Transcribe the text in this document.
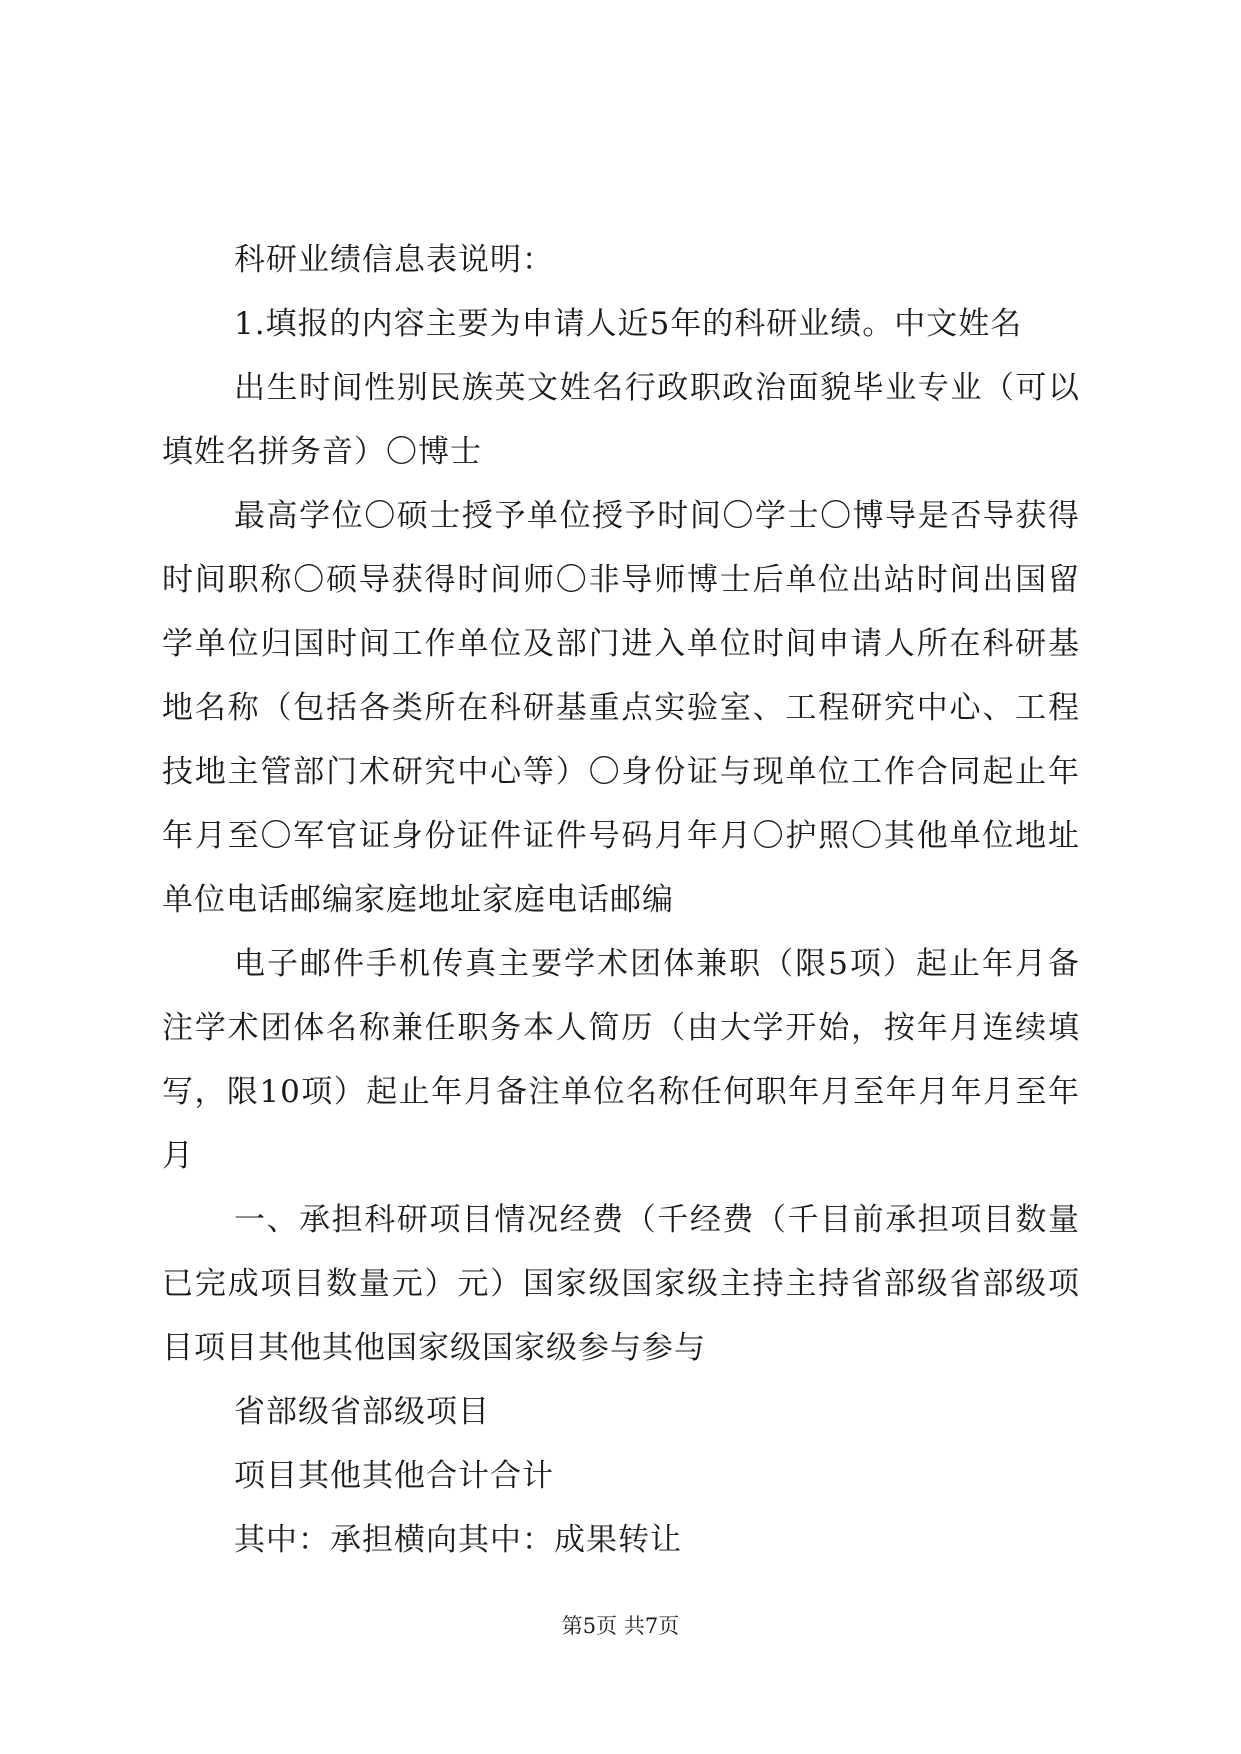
科研业绩信息表说明：

1.填报的内容主要为申请人近5年的科研业绩。中文姓名

出生时间性别民族英文姓名行政职政治面貌毕业专业（可以填姓名拼务音）〇博士

最高学位〇硕士授予单位授予时间〇学士〇博导是否导获得时间职称〇硕导获得时间师〇非导师博士后单位出站时间出国留学单位归国时间工作单位及部门进入单位时间申请人所在科研基地名称（包括各类所在科研基重点实验室、工程研究中心、工程技地主管部门术研究中心等）〇身份证与现单位工作合同起止年年月至〇军官证身份证件证件号码月年月〇护照〇其他单位地址单位电话邮编家庭地址家庭电话邮编

电子邮件手机传真主要学术团体兼职（限5项）起止年月备注学术团体名称兼任职务本人简历（由大学开始，按年月连续填写，限10项）起止年月备注单位名称任何职年月至年月年月至年月

一、承担科研项目情况经费（千经费（千目前承担项目数量已完成项目数量元）元）国家级国家级主持主持省部级省部级项目项目其他其他国家级国家级参与参与

省部级省部级项目

项目其他其他合计合计

其中：承担横向其中：成果转让

第5页 共7页
